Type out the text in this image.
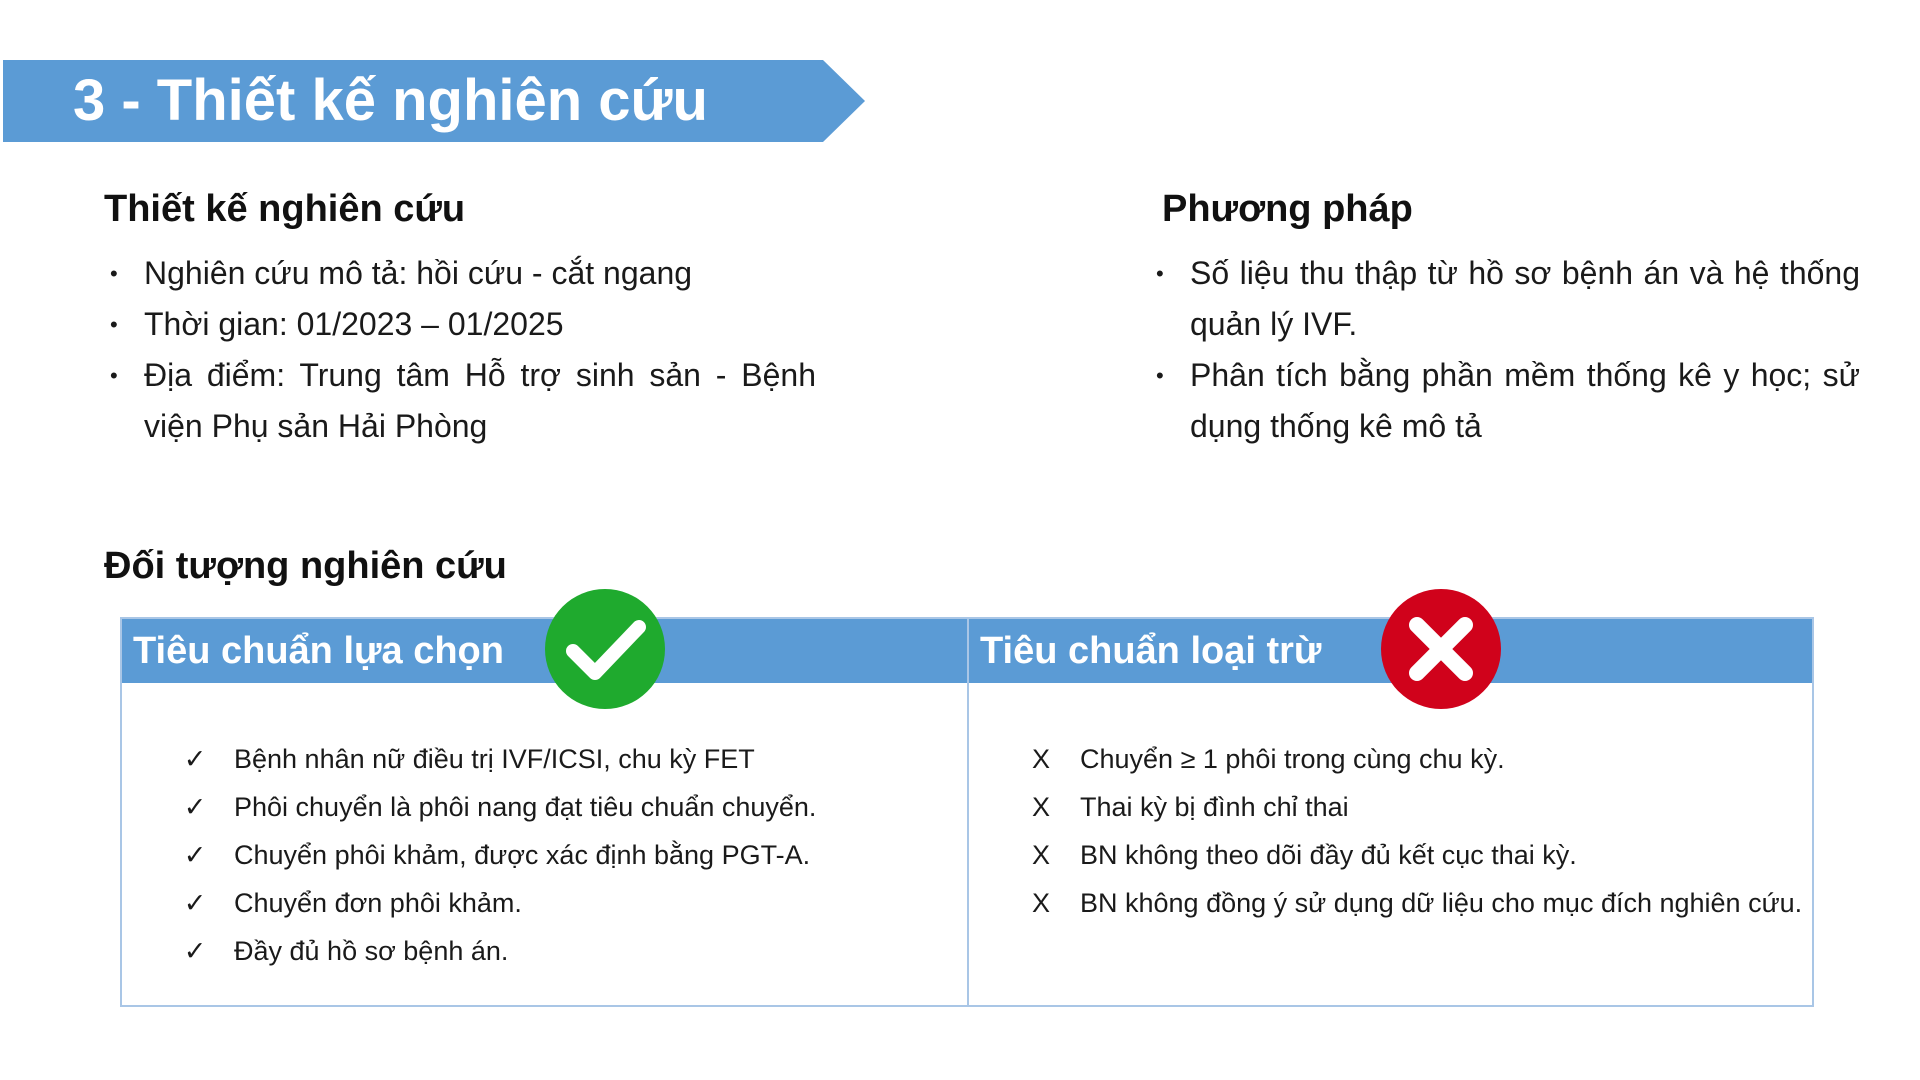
3 - Thiết kế nghiên cứu
Thiết kế nghiên cứu
• Nghiên cứu mô tả: hồi cứu - cắt ngang
• Thời gian: 01/2023 – 01/2025
• Địa điểm: Trung tâm Hỗ trợ sinh sản - Bệnh viện Phụ sản Hải Phòng
Phương pháp
• Số liệu thu thập từ hồ sơ bệnh án và hệ thống quản lý IVF.
• Phân tích bằng phần mềm thống kê y học; sử dụng thống kê mô tả
Đối tượng nghiên cứu
Tiêu chuẩn lựa chọn	Tiêu chuẩn loại trừ
✓ Bệnh nhân nữ điều trị IVF/ICSI, chu kỳ FET
✓ Phôi chuyển là phôi nang đạt tiêu chuẩn chuyển.
✓ Chuyển phôi khảm, được xác định bằng PGT-A.
✓ Chuyển đơn phôi khảm.
✓ Đầy đủ hồ sơ bệnh án.
X Chuyển ≥ 1 phôi trong cùng chu kỳ.
X Thai kỳ bị đình chỉ thai
X BN không theo dõi đầy đủ kết cục thai kỳ.
X BN không đồng ý sử dụng dữ liệu cho mục đích nghiên cứu.
